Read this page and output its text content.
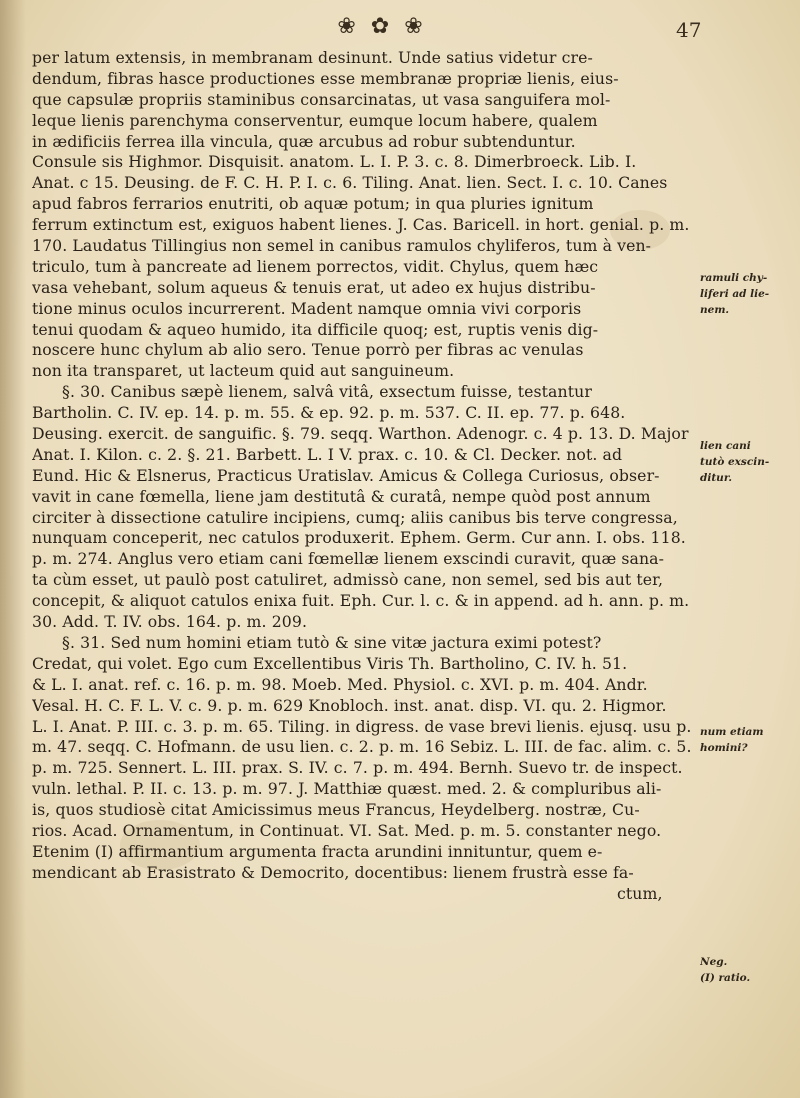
❀ ✿ ❀	47
per latum extensis, in membranam desinunt. Unde satius videtur cre-
dendum, fibras hasce productiones esse membranæ propriæ lienis, eius-
que capsulæ propriis staminibus consarcinatas, ut vasa sanguifera mol-
leque lienis parenchyma conserventur, eumque locum habere, qualem
in ædificiis ferrea illa vincula, quæ arcubus ad robur subtenduntur.
Consule sis Highmor. Disquisit. anatom. L. I. P. 3. c. 8. Dimerbroeck. Lib. I.
Anat. c 15. Deusing. de F. C. H. P. I. c. 6. Tiling. Anat. lien. Sect. I. c. 10. Canes
apud fabros ferrarios enutriti, ob aquæ potum; in qua pluries ignitum
ferrum extinctum est, exiguos habent lienes. J. Cas. Baricell. in hort. genial. p. m.
170. Laudatus Tillingius non semel in canibus ramulos chyliferos, tum à ven-
triculo, tum à pancreate ad lienem porrectos, vidit. Chylus, quem hæc
vasa vehebant, solum aqueus & tenuis erat, ut adeo ex hujus distribu-
tione minus oculos incurrerent. Madent namque omnia vivi corporis
tenui quodam & aqueo humido, ita difficile quoq; est, ruptis venis dig-
noscere hunc chylum ab alio sero. Tenue porrò per fibras ac venulas
non ita transparet, ut lacteum quid aut sanguineum.
§. 30. Canibus sæpè lienem, salvâ vitâ, exsectum fuisse, testantur
Bartholin. C. IV. ep. 14. p. m. 55. & ep. 92. p. m. 537. C. II. ep. 77. p. 648.
Deusing. exercit. de sanguific. §. 79. seqq. Warthon. Adenogr. c. 4 p. 13. D. Major
Anat. I. Kilon. c. 2. §. 21. Barbett. L. I V. prax. c. 10. & Cl. Decker. not. ad
Eund. Hic & Elsnerus, Practicus Uratislav. Amicus & Collega Curiosus, obser-
vavit in cane fœmella, liene jam destitutâ & curatâ, nempe quòd post annum
circiter à dissectione catulire incipiens, cumq; aliis canibus bis terve congressa,
nunquam conceperit, nec catulos produxerit. Ephem. Germ. Cur ann. I. obs. 118.
p. m. 274. Anglus vero etiam cani fœmellæ lienem exscindi curavit, quæ sana-
ta cùm esset, ut paulò post catuliret, admissò cane, non semel, sed bis aut ter,
concepit, & aliquot catulos enixa fuit. Eph. Cur. l. c. & in append. ad h. ann. p. m.
30. Add. T. IV. obs. 164. p. m. 209.
§. 31. Sed num homini etiam tutò & sine vitæ jactura eximi potest?
Credat, qui volet. Ego cum Excellentibus Viris Th. Bartholino, C. IV. h. 51.
& L. I. anat. ref. c. 16. p. m. 98. Moeb. Med. Physiol. c. XVI. p. m. 404. Andr.
Vesal. H. C. F. L. V. c. 9. p. m. 629 Knobloch. inst. anat. disp. VI. qu. 2. Higmor.
L. I. Anat. P. III. c. 3. p. m. 65. Tiling. in digress. de vase brevi lienis. ejusq. usu p.
m. 47. seqq. C. Hofmann. de usu lien. c. 2. p. m. 16 Sebiz. L. III. de fac. alim. c. 5.
p. m. 725. Sennert. L. III. prax. S. IV. c. 7. p. m. 494. Bernh. Suevo tr. de inspect.
vuln. lethal. P. II. c. 13. p. m. 97. J. Matthiæ quæst. med. 2. & compluribus ali-
is, quos studiosè citat Amicissimus meus Francus, Heydelberg. nostræ, Cu-
rios. Acad. Ornamentum, in Continuat. VI. Sat. Med. p. m. 5. constanter nego.
Etenim (I) affirmantium argumenta fracta arundini innituntur, quem e-
mendicant ab Erasistrato & Democrito, docentibus: lienem frustrà esse fa-
ctum,
ramuli chy-
liferi ad lie-
nem.
lien cani
tutò exscin-
ditur.
num etiam
homini?
Neg.
(I) ratio.
